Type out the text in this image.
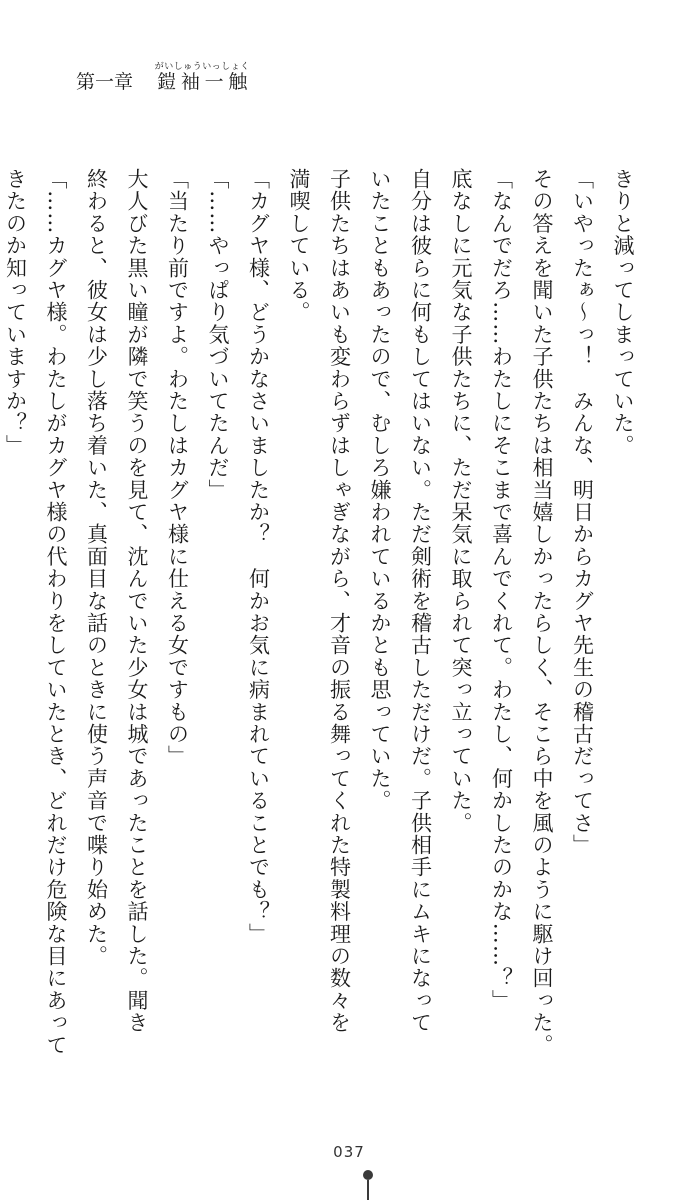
第一章 鎧袖一触がいしゅういっしょく
きりと減ってしまっていた。
「いやったぁ～っ！　みんな、明日からカグヤ先生の稽古だってさ」
その答えを聞いた子供たちは相当嬉しかったらしく、そこら中を風のように駆け回った。
「なんでだろ……わたしにそこまで喜んでくれて。わたし、何かしたのかな……？」
底なしに元気な子供たちに、ただ呆気に取られて突っ立っていた。
自分は彼らに何もしてはいない。ただ剣術を稽古しただけだ。子供相手にムキになって
いたこともあったので、むしろ嫌われているかとも思っていた。
子供たちはあいも変わらずはしゃぎながら、才音の振る舞ってくれた特製料理の数々を
満喫している。
「カグヤ様、どうかなさいましたか？　何かお気に病まれていることでも？」
「……やっぱり気づいてたんだ」
「当たり前ですよ。わたしはカグヤ様に仕える女ですもの」
大人びた黒い瞳が隣で笑うのを見て、沈んでいた少女は城であったことを話した。聞き
終わると、彼女は少し落ち着いた、真面目な話のときに使う声音で喋り始めた。
「……カグヤ様。わたしがカグヤ様の代わりをしていたとき、どれだけ危険な目にあって
きたのか知っていますか？」
037
